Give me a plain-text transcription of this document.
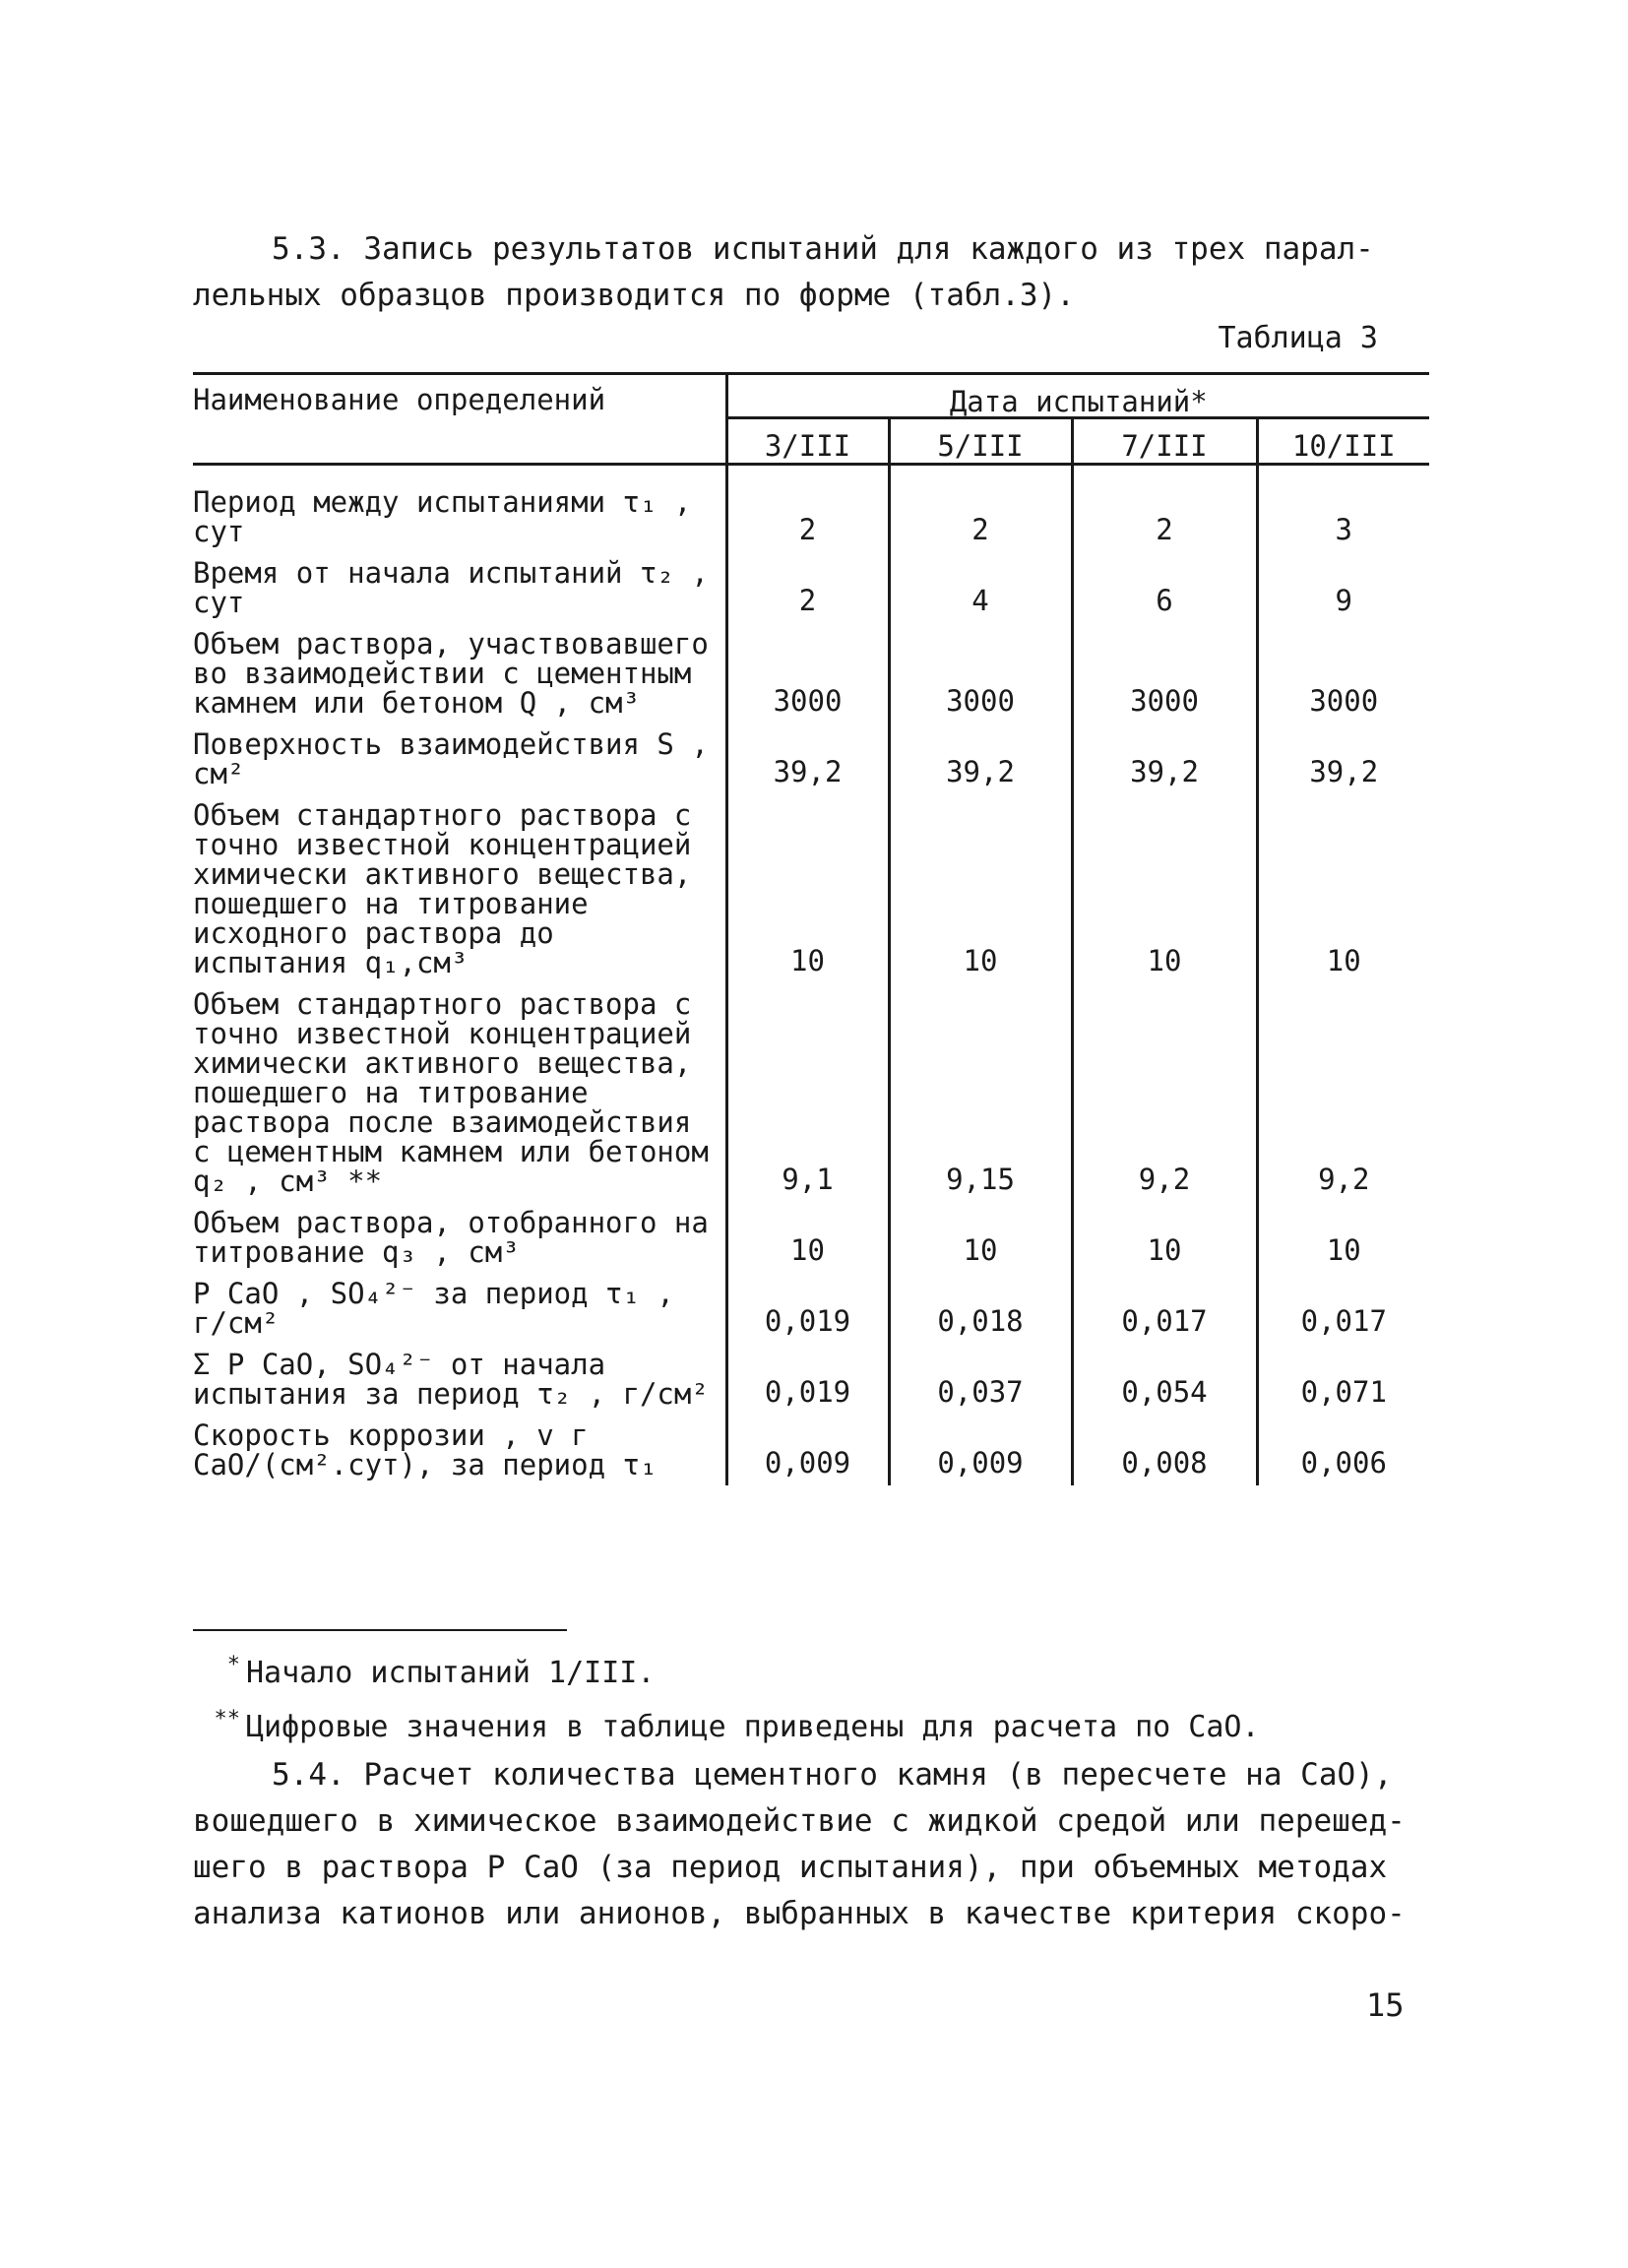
5.3. Запись результатов испытаний для каждого из трех парал-
лельных образцов производится по форме (табл.3).
Таблица 3
Наименование определений	Дата испытаний*			
	3/III	5/III	7/III	10/III
Период между испытаниями τ₁ , сут	2	2	2	3
Время от начала испытаний τ₂ , сут	2	4	6	9
Объем раствора, участвовавшего во взаимодействии с цементным камнем или бетоном Q , см³	3000	3000	3000	3000
Поверхность взаимодействия S , см²	39,2	39,2	39,2	39,2
Объем стандартного раствора с точно известной концентрацией химически активного вещества, пошедшего на титрование исходного раствора до испытания q₁,см³	10	10	10	10
Объем стандартного раствора с точно известной концентрацией химически активного вещества, пошедшего на титрование раствора после взаимодействия с цементным камнем или бетоном q₂ , см³ **	9,1	9,15	9,2	9,2
Объем раствора, отобранного на титрование q₃ , см³	10	10	10	10
P CaO , SO₄²⁻ за период τ₁ , г/см²	0,019	0,018	0,017	0,017
Σ P CaO, SO₄²⁻ от начала испытания за период τ₂ , г/см²	0,019	0,037	0,054	0,071
Скорость коррозии , v г CaO/(см².сут), за период τ₁	0,009	0,009	0,008	0,006
* Начало испытаний 1/III.
** Цифровые значения в таблице приведены для расчета по CaO.
5.4. Расчет количества цементного камня (в пересчете на CaO),
вошедшего в химическое взаимодействие с жидкой средой или перешед-
шего в раствора P CaO (за период испытания), при объемных методах
анализа катионов или анионов, выбранных в качестве критерия скоро-
15
